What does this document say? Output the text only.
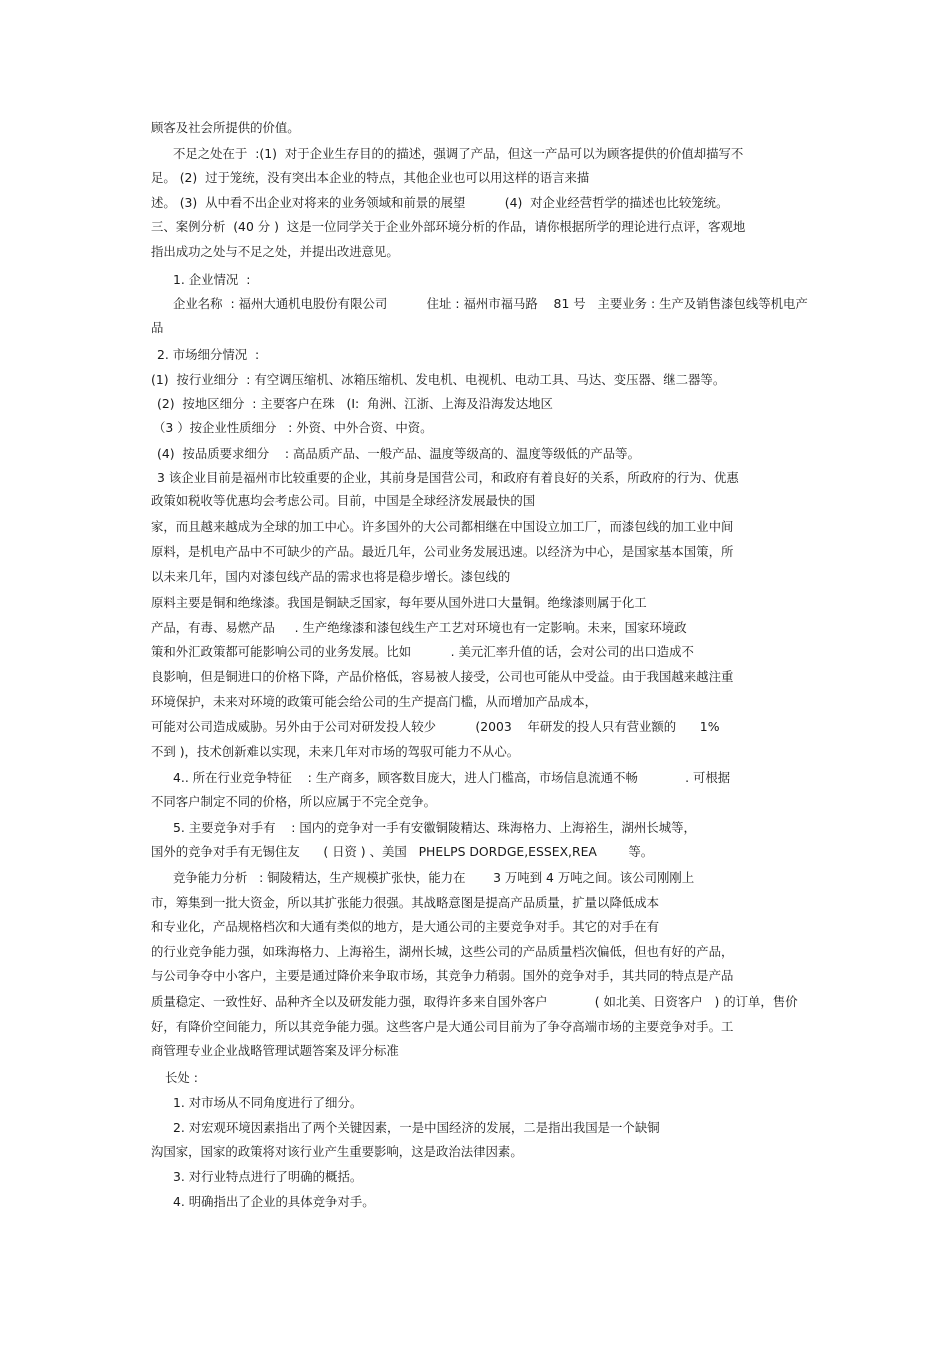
顾客及社会所提供的价值。
不足之处在于  :(1)  对于企业生存目的的描述，强调了产品，但这一产品可以为顾客提供的价值却描写不
足。 (2)  过于笼统，没有突出本企业的特点，其他企业也可以用这样的语言来描
述。 (3)  从中看不出企业对将来的业务领域和前景的展望          (4)  对企业经营哲学的描述也比较笼统。
三、案例分析  (40 分 )  这是一位同学关于企业外部环境分析的作品，请你根据所学的理论进行点评，客观地
指出成功之处与不足之处，并提出改进意见。
1. 企业情况  :
企业名称  : 福州大通机电股份有限公司          住址 : 福州市福马路    81 号   主要业务 : 生产及销售漆包线等机电产
品
2. 市场细分情况  :
(1)  按行业细分  : 有空调压缩机、冰箱压缩机、发电机、电视机、电动工具、马达、变压器、继二器等。
(2)  按地区细分  : 主要客户在珠   (I:  角洲、江浙、上海及沿海发达地区
（3 ）按企业性质细分   : 外资、中外合资、中资。
(4)  按品质要求细分    : 高品质产品、一般产品、温度等级高的、温度等级低的产品等。
3 该企业目前是福州市比较重要的企业，其前身是国营公司，和政府有着良好的关系，所政府的行为、优惠
政策如税收等优惠均会考虑公司。目前，中国是全球经济发展最快的国
家，而且越来越成为全球的加工中心。许多国外的大公司都相继在中国设立加工厂，而漆包线的加工业中间
原料，是机电产品中不可缺少的产品。最近几年，公司业务发展迅速。以经济为中心，是国家基本国策，所
以未来几年，国内对漆包线产品的需求也将是稳步增长。漆包线的
原料主要是铜和绝缘漆。我国是铜缺乏国家，每年要从国外进口大量铜。绝缘漆则属于化工
产品，有毒、易燃产品     . 生产绝缘漆和漆包线生产工艺对环境也有一定影响。未来，国家环境政
策和外汇政策都可能影响公司的业务发展。比如          . 美元汇率升值的话，会对公司的出口造成不
良影响，但是铜进口的价格下降，产品价格低，容易被人接受，公司也可能从中受益。由于我国越来越注重
环境保护，未来对环境的政策可能会给公司的生产提高门槛，从而增加产品成本，
可能对公司造成威胁。另外由于公司对研发投人较少          (2003    年研发的投人只有营业额的      1%
不到 )，技术创新难以实现，未来几年对市场的驾驭可能力不从心。
4.. 所在行业竞争特征    : 生产商多，顾客数目庞大，进人门槛高，市场信息流通不畅            . 可根据
不同客户制定不同的价格，所以应属于不完全竞争。
5. 主要竞争对手有    : 国内的竞争对一手有安徽铜陵精达、珠海格力、上海裕生，湖州长城等，
国外的竞争对手有无锡住友      ( 日资 ) 、美国   PHELPS DORDGE,ESSEX,REA        等。
竞争能力分析   : 铜陵精达，生产规模扩张快，能力在       3 万吨到 4 万吨之间。该公司刚刚上
市，筹集到一批大资金，所以其扩张能力很强。其战略意图是提高产品质量，扩量以降低成本
和专业化，产品规格档次和大通有类似的地方，是大通公司的主要竞争对手。其它的对手在有
的行业竞争能力强，如珠海格力、上海裕生，湖州长城，这些公司的产品质量档次偏低，但也有好的产品，
与公司争夺中小客户，主要是通过降价来争取市场，其竞争力稍弱。国外的竞争对手，其共同的特点是产品
质量稳定、一致性好、品种齐全以及研发能力强，取得许多来自国外客户            ( 如北美、日资客户   ) 的订单，售价
好，有降价空间能力，所以其竞争能力强。这些客户是大通公司目前为了争夺高端市场的主要竞争对手。工
商管理专业企业战略管理试题答案及评分标准
长处 :
1. 对市场从不同角度进行了细分。
2. 对宏观环境因素指出了两个关键因素，一是中国经济的发展，二是指出我国是一个缺铜
沟国家，国家的政策将对该行业产生重要影响，这是政治法律因素。
3. 对行业特点进行了明确的概括。
4. 明确指出了企业的具体竞争对手。
